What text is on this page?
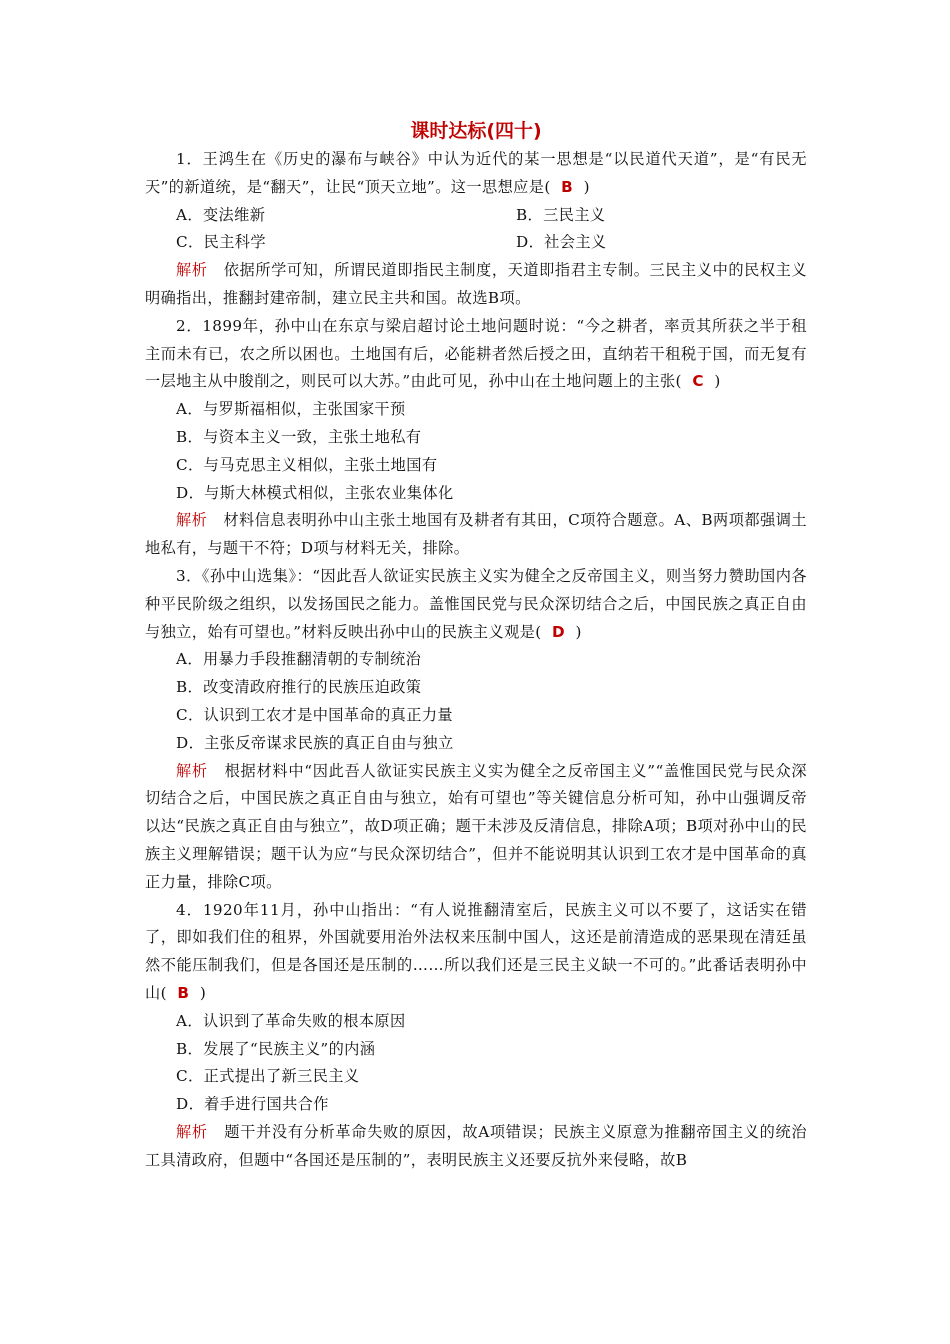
课时达标(四十)

1．王鸿生在《历史的瀑布与峡谷》中认为近代的某一思想是“以民道代天道”，是“有民无天”的新道统，是“翻天”，让民“顶天立地”。这一思想应是( B )

A．变法维新	B．三民主义

C．民主科学	D．社会主义

解析 依据所学可知，所谓民道即指民主制度，天道即指君主专制。三民主义中的民权主义明确指出，推翻封建帝制，建立民主共和国。故选B项。

2．1899年，孙中山在东京与梁启超讨论土地问题时说：“今之耕者，率贡其所获之半于租主而未有已，农之所以困也。土地国有后，必能耕者然后授之田，直纳若干租税于国，而无复有一层地主从中朘削之，则民可以大苏。”由此可见，孙中山在土地问题上的主张( C )

A．与罗斯福相似，主张国家干预

B．与资本主义一致，主张土地私有

C．与马克思主义相似，主张土地国有

D．与斯大林模式相似，主张农业集体化

解析 材料信息表明孙中山主张土地国有及耕者有其田，C项符合题意。A、B两项都强调土地私有，与题干不符；D项与材料无关，排除。

3．《孙中山选集》：“因此吾人欲证实民族主义实为健全之反帝国主义，则当努力赞助国内各种平民阶级之组织，以发扬国民之能力。盖惟国民党与民众深切结合之后，中国民族之真正自由与独立，始有可望也。”材料反映出孙中山的民族主义观是( D )

A．用暴力手段推翻清朝的专制统治

B．改变清政府推行的民族压迫政策

C．认识到工农才是中国革命的真正力量

D．主张反帝谋求民族的真正自由与独立

解析 根据材料中“因此吾人欲证实民族主义实为健全之反帝国主义”“盖惟国民党与民众深切结合之后，中国民族之真正自由与独立，始有可望也”等关键信息分析可知，孙中山强调反帝以达“民族之真正自由与独立”，故D项正确；题干未涉及反清信息，排除A项；B项对孙中山的民族主义理解错误；题干认为应“与民众深切结合”，但并不能说明其认识到工农才是中国革命的真正力量，排除C项。

4．1920年11月，孙中山指出：“有人说推翻清室后，民族主义可以不要了，这话实在错了，即如我们住的租界，外国就要用治外法权来压制中国人，这还是前清造成的恶果现在清廷虽然不能压制我们，但是各国还是压制的……所以我们还是三民主义缺一不可的。”此番话表明孙中山( B )

A．认识到了革命失败的根本原因

B．发展了“民族主义”的内涵

C．正式提出了新三民主义

D．着手进行国共合作

解析 题干并没有分析革命失败的原因，故A项错误；民族主义原意为推翻帝国主义的统治工具清政府，但题中“各国还是压制的”，表明民族主义还要反抗外来侵略，故B
